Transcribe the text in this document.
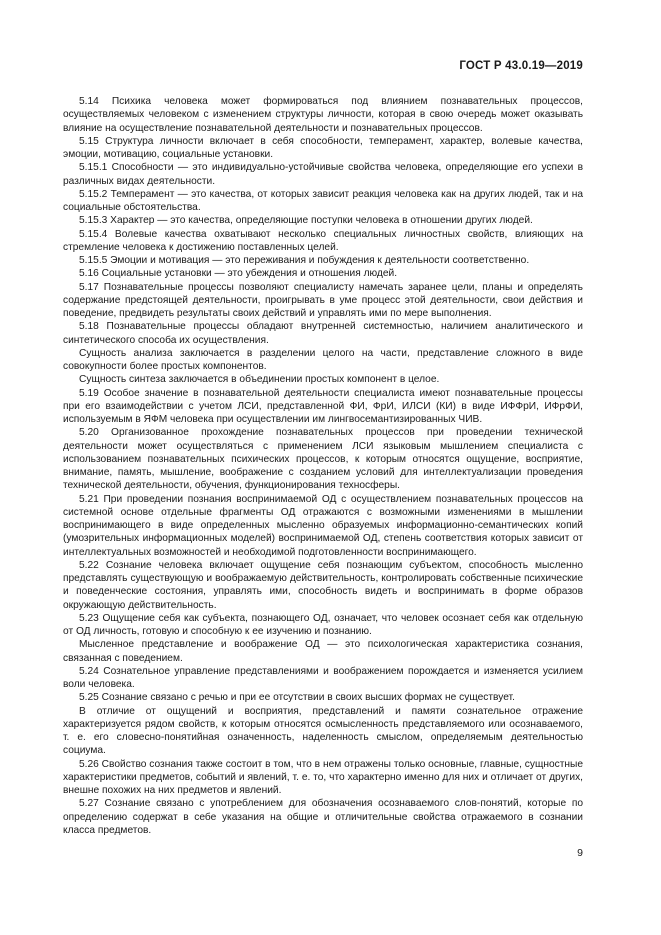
ГОСТ Р 43.0.19—2019

5.14 Психика человека может формироваться под влиянием познавательных процессов, осуществляемых человеком с изменением структуры личности, которая в свою очередь может оказывать влияние на осуществление познавательной деятельности и познавательных процессов.

5.15 Структура личности включает в себя способности, темперамент, характер, волевые качества, эмоции, мотивацию, социальные установки.

5.15.1 Способности — это индивидуально-устойчивые свойства человека, определяющие его успехи в различных видах деятельности.

5.15.2 Темперамент — это качества, от которых зависит реакция человека как на других людей, так и на социальные обстоятельства.

5.15.3 Характер — это качества, определяющие поступки человека в отношении других людей.

5.15.4 Волевые качества охватывают несколько специальных личностных свойств, влияющих на стремление человека к достижению поставленных целей.

5.15.5 Эмоции и мотивация — это переживания и побуждения к деятельности соответственно.

5.16 Социальные установки — это убеждения и отношения людей.

5.17 Познавательные процессы позволяют специалисту намечать заранее цели, планы и определять содержание предстоящей деятельности, проигрывать в уме процесс этой деятельности, свои действия и поведение, предвидеть результаты своих действий и управлять ими по мере выполнения.

5.18 Познавательные процессы обладают внутренней системностью, наличием аналитического и синтетического способа их осуществления.

Сущность анализа заключается в разделении целого на части, представление сложного в виде совокупности более простых компонентов.

Сущность синтеза заключается в объединении простых компонент в целое.

5.19 Особое значение в познавательной деятельности специалиста имеют познавательные процессы при его взаимодействии с учетом ЛСИ, представленной ФИ, ФрИ, ИЛСИ (КИ) в виде ИФФрИ, ИФрФИ, используемым в ЯФМ человека при осуществлении им лингвосемантизированных ЧИВ.

5.20 Организованное прохождение познавательных процессов при проведении технической деятельности может осуществляться с применением ЛСИ языковым мышлением специалиста с использованием познавательных психических процессов, к которым относятся ощущение, восприятие, внимание, память, мышление, воображение с созданием условий для интеллектуализации проведения технической деятельности, обучения, функционирования техносферы.

5.21 При проведении познания воспринимаемой ОД с осуществлением познавательных процессов на системной основе отдельные фрагменты ОД отражаются с возможными изменениями в мышлении воспринимающего в виде определенных мысленно образуемых информационно-семантических копий (умозрительных информационных моделей) воспринимаемой ОД, степень соответствия которых зависит от интеллектуальных возможностей и необходимой подготовленности воспринимающего.

5.22 Сознание человека включает ощущение себя познающим субъектом, способность мысленно представлять существующую и воображаемую действительность, контролировать собственные психические и поведенческие состояния, управлять ими, способность видеть и воспринимать в форме образов окружающую действительность.

5.23 Ощущение себя как субъекта, познающего ОД, означает, что человек осознает себя как отдельную от ОД личность, готовую и способную к ее изучению и познанию.

Мысленное представление и воображение ОД — это психологическая характеристика сознания, связанная с поведением.

5.24 Сознательное управление представлениями и воображением порождается и изменяется усилием воли человека.

5.25 Сознание связано с речью и при ее отсутствии в своих высших формах не существует.

В отличие от ощущений и восприятия, представлений и памяти сознательное отражение характеризуется рядом свойств, к которым относятся осмысленность представляемого или осознаваемого, т. е. его словесно-понятийная означенность, наделенность смыслом, определяемым деятельностью социума.

5.26 Свойство сознания также состоит в том, что в нем отражены только основные, главные, сущностные характеристики предметов, событий и явлений, т. е. то, что характерно именно для них и отличает от других, внешне похожих на них предметов и явлений.

5.27 Сознание связано с употреблением для обозначения осознаваемого слов-понятий, которые по определению содержат в себе указания на общие и отличительные свойства отражаемого в сознании класса предметов.

9
